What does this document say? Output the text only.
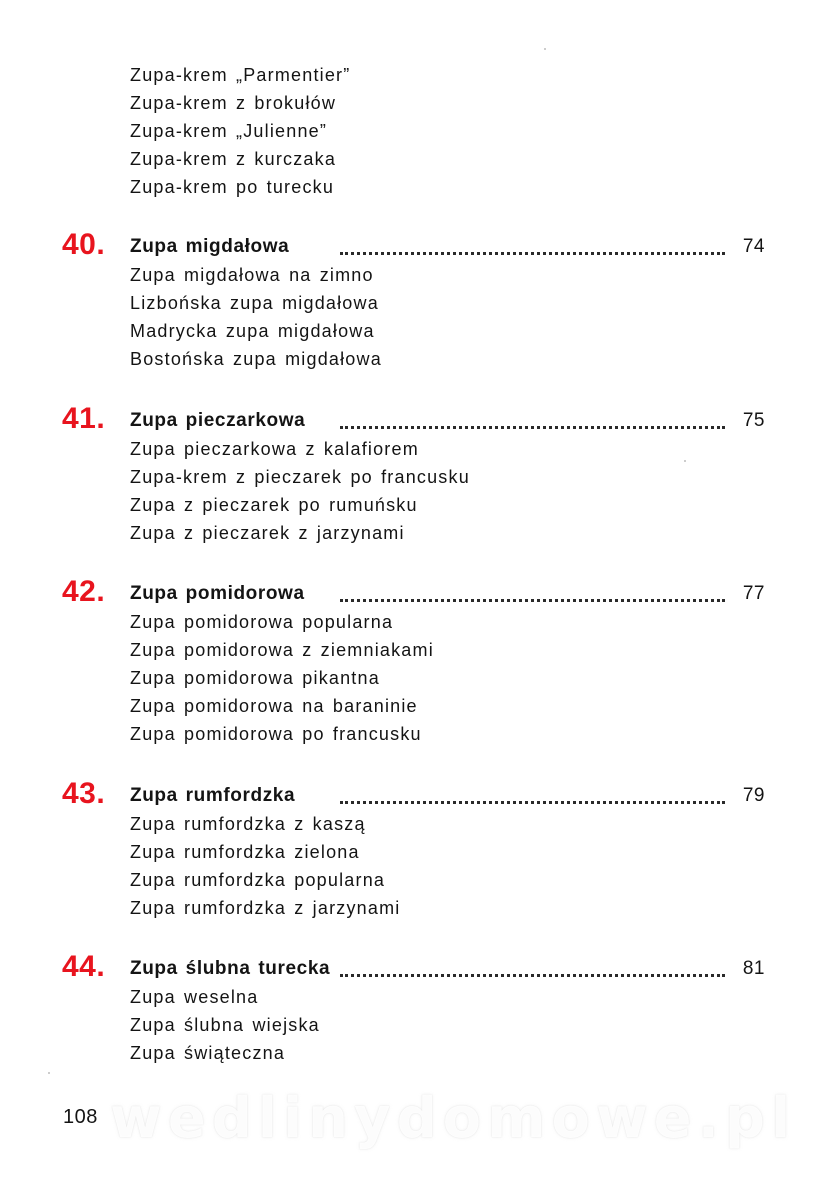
Zupa-krem „Parmentier”
Zupa-krem z brokułów
Zupa-krem „Julienne”
Zupa-krem z kurczaka
Zupa-krem po turecku
40. Zupa migdałowa	74
Zupa migdałowa na zimno
Lizbońska zupa migdałowa
Madrycka zupa migdałowa
Bostońska zupa migdałowa
41. Zupa pieczarkowa	75
Zupa pieczarkowa z kalafiorem
Zupa-krem z pieczarek po francusku
Zupa z pieczarek po rumuńsku
Zupa z pieczarek z jarzynami
42. Zupa pomidorowa	77
Zupa pomidorowa popularna
Zupa pomidorowa z ziemniakami
Zupa pomidorowa pikantna
Zupa pomidorowa na baraninie
Zupa pomidorowa po francusku
43. Zupa rumfordzka	79
Zupa rumfordzka z kaszą
Zupa rumfordzka zielona
Zupa rumfordzka popularna
Zupa rumfordzka z jarzynami
44. Zupa ślubna turecka	81
Zupa weselna
Zupa ślubna wiejska
Zupa świąteczna
wedlinydomowe.pl
108
